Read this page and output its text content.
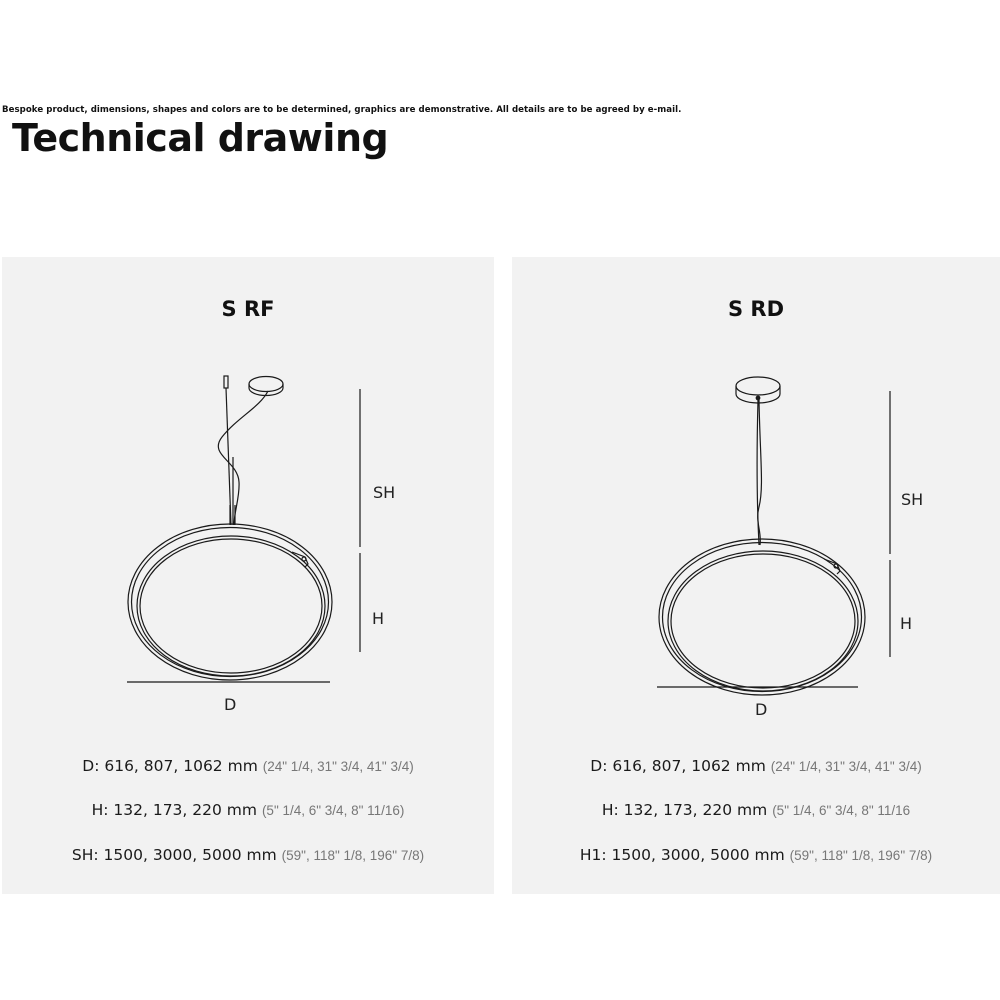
Bespoke product, dimensions, shapes and colors are to be determined, graphics are demonstrative. All details are to be agreed by e-mail.
Technical drawing
S RF
SH
H
D
D: 616, 807, 1062 mm (24" 1/4, 31" 3/4, 41" 3/4)
H: 132, 173, 220 mm (5" 1/4, 6" 3/4, 8" 11/16)
SH: 1500, 3000, 5000 mm (59", 118" 1/8, 196" 7/8)
S RD
SH
H
D
D: 616, 807, 1062 mm (24" 1/4, 31" 3/4, 41" 3/4)
H: 132, 173, 220 mm (5" 1/4, 6" 3/4, 8" 11/16
H1: 1500, 3000, 5000 mm (59", 118" 1/8, 196" 7/8)
